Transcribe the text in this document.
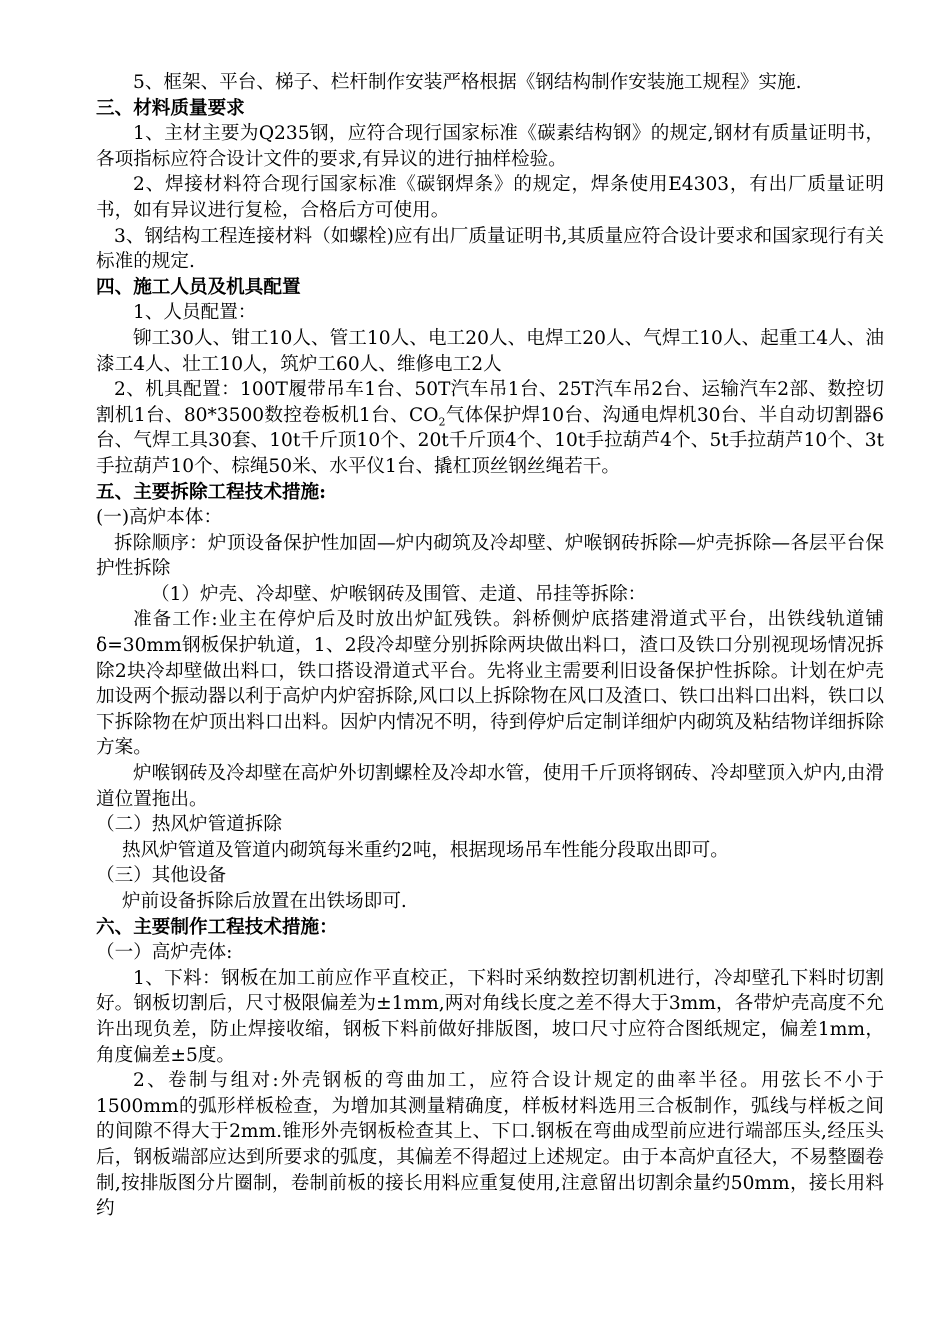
5、框架、平台、梯子、栏杆制作安装严格根据《钢结构制作安装施工规程》实施.

三、材料质量要求

1、主材主要为Q235钢，应符合现行国家标准《碳素结构钢》的规定,钢材有质量证明书，各项指标应符合设计文件的要求,有异议的进行抽样检验。

2、焊接材料符合现行国家标准《碳钢焊条》的规定，焊条使用E4303，有出厂质量证明书，如有异议进行复检，合格后方可使用。

3、钢结构工程连接材料（如螺栓)应有出厂质量证明书,其质量应符合设计要求和国家现行有关标准的规定.

四、施工人员及机具配置

1、人员配置：

铆工30人、钳工10人、管工10人、电工20人、电焊工20人、气焊工10人、起重工4人、油漆工4人、壮工10人，筑炉工60人、维修电工2人

2、机具配置：100T履带吊车1台、50T汽车吊1台、25T汽车吊2台、运输汽车2部、数控切割机1台、80*3500数控卷板机1台、$CO_2$气体保护焊10台、沟通电焊机30台、半自动切割器6台、气焊工具30套、10t千斤顶10个、20t千斤顶4个、10t手拉葫芦4个、5t手拉葫芦10个、3t手拉葫芦10个、棕绳50米、水平仪1台、撬杠顶丝钢丝绳若干。

五、主要拆除工程技术措施:

(一)高炉本体：

拆除顺序：炉顶设备保护性加固—炉内砌筑及冷却壁、炉喉钢砖拆除—炉壳拆除—各层平台保护性拆除

（1）炉壳、冷却壁、炉喉钢砖及围管、走道、吊挂等拆除：

准备工作:业主在停炉后及时放出炉缸残铁。斜桥侧炉底搭建滑道式平台，出铁线轨道铺δ=30mm钢板保护轨道，1、2段冷却壁分别拆除两块做出料口，渣口及铁口分别视现场情况拆除2块冷却壁做出料口，铁口搭设滑道式平台。先将业主需要利旧设备保护性拆除。计划在炉壳加设两个振动器以利于高炉内炉窑拆除,风口以上拆除物在风口及渣口、铁口出料口出料，铁口以下拆除物在炉顶出料口出料。因炉内情况不明，待到停炉后定制详细炉内砌筑及粘结物详细拆除方案。

炉喉钢砖及冷却壁在高炉外切割螺栓及冷却水管，使用千斤顶将钢砖、冷却壁顶入炉内,由滑道位置拖出。

（二）热风炉管道拆除

热风炉管道及管道内砌筑每米重约2吨，根据现场吊车性能分段取出即可。

（三）其他设备

炉前设备拆除后放置在出铁场即可.

六、主要制作工程技术措施：

（一）高炉壳体:

1、下料：钢板在加工前应作平直校正，下料时采纳数控切割机进行，冷却壁孔下料时切割好。钢板切割后，尺寸极限偏差为±1mm,两对角线长度之差不得大于3mm，各带炉壳高度不允许出现负差，防止焊接收缩，钢板下料前做好排版图，坡口尺寸应符合图纸规定，偏差1mm，角度偏差±5度。

2、卷制与组对:外壳钢板的弯曲加工，应符合设计规定的曲率半径。用弦长不小于1500mm的弧形样板检查，为增加其测量精确度，样板材料选用三合板制作，弧线与样板之间的间隙不得大于2mm.锥形外壳钢板检查其上、下口.钢板在弯曲成型前应进行端部压头,经压头后，钢板端部应达到所要求的弧度，其偏差不得超过上述规定。由于本高炉直径大，不易整圈卷制,按排版图分片圈制，卷制前板的接长用料应重复使用,注意留出切割余量约50mm，接长用料约
